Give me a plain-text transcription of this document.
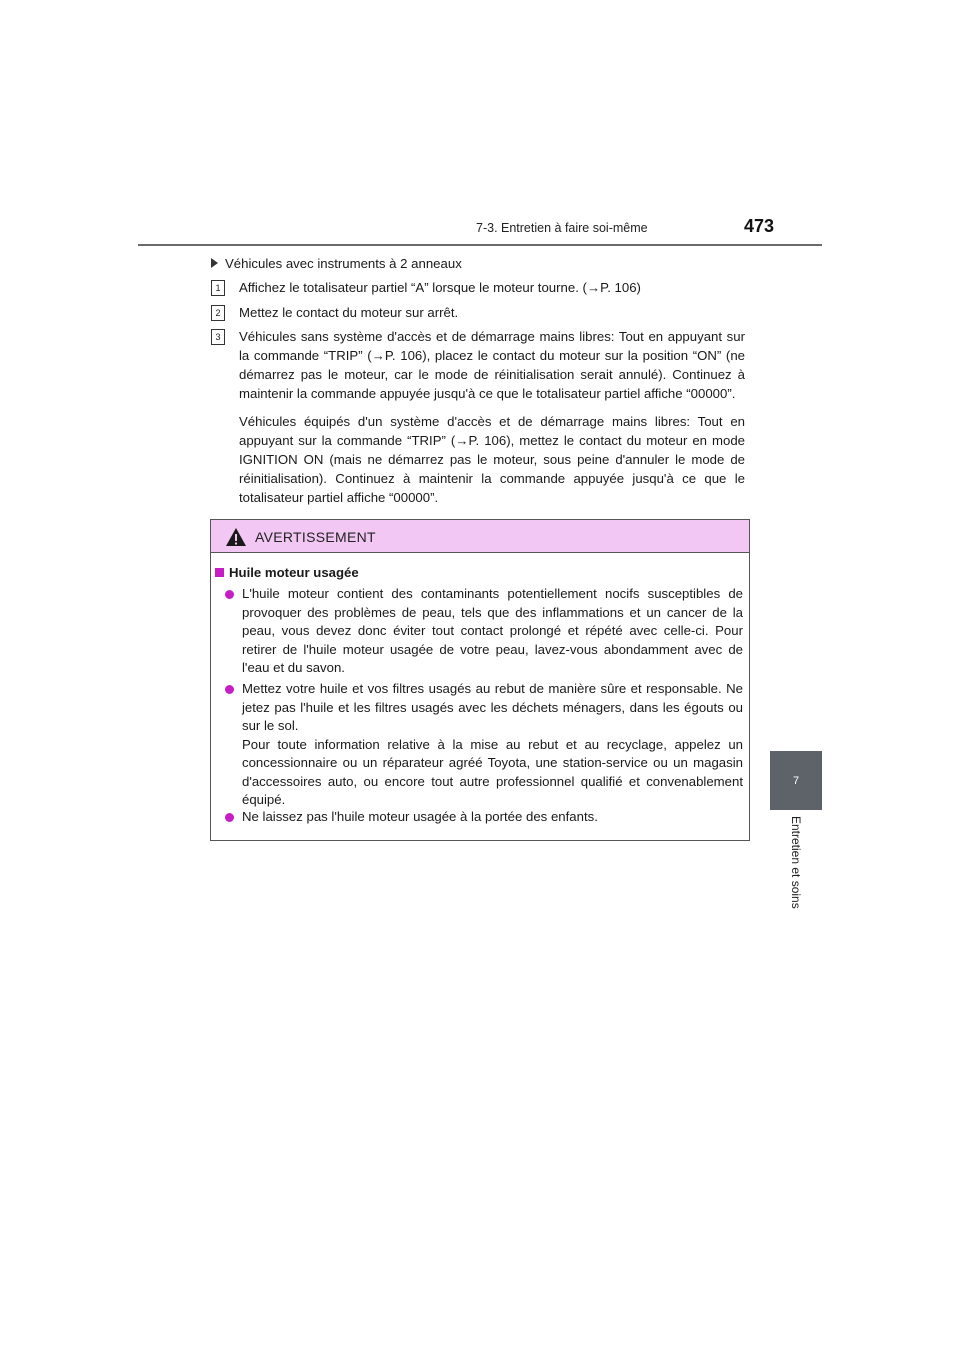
7-3. Entretien à faire soi-même	473
7
Entretien et soins
Véhicules avec instruments à 2 anneaux
1	Affichez le totalisateur partiel “A” lorsque le moteur tourne. (→P. 106)

2	Mettez le contact du moteur sur arrêt.

3	Véhicules sans système d'accès et de démarrage mains libres: Tout en appuyant sur la commande “TRIP” (→P. 106), placez le contact du moteur sur la position “ON” (ne démarrez pas le moteur, car le mode de réinitialisation serait annulé). Continuez à maintenir la commande appuyée jusqu'à ce que le totalisateur partiel affiche “00000”.

Véhicules équipés d'un système d'accès et de démarrage mains libres: Tout en appuyant sur la commande “TRIP” (→P. 106), mettez le contact du moteur en mode IGNITION ON (mais ne démarrez pas le moteur, sous peine d'annuler le mode de réinitialisation). Continuez à maintenir la commande appuyée jusqu'à ce que le totalisateur partiel affiche “00000”.

AVERTISSEMENT
Huile moteur usagée

L'huile moteur contient des contaminants potentiellement nocifs susceptibles de provoquer des problèmes de peau, tels que des inflammations et un cancer de la peau, vous devez donc éviter tout contact prolongé et répété avec celle-ci. Pour retirer de l'huile moteur usagée de votre peau, lavez-vous abondamment avec de l'eau et du savon.

Mettez votre huile et vos filtres usagés au rebut de manière sûre et responsable. Ne jetez pas l'huile et les filtres usagés avec les déchets ménagers, dans les égouts ou sur le sol.

Pour toute information relative à la mise au rebut et au recyclage, appelez un concessionnaire ou un réparateur agréé Toyota, une station-service ou un magasin d'accessoires auto, ou encore tout autre professionnel qualifié et convenablement équipé.

Ne laissez pas l'huile moteur usagée à la portée des enfants.
